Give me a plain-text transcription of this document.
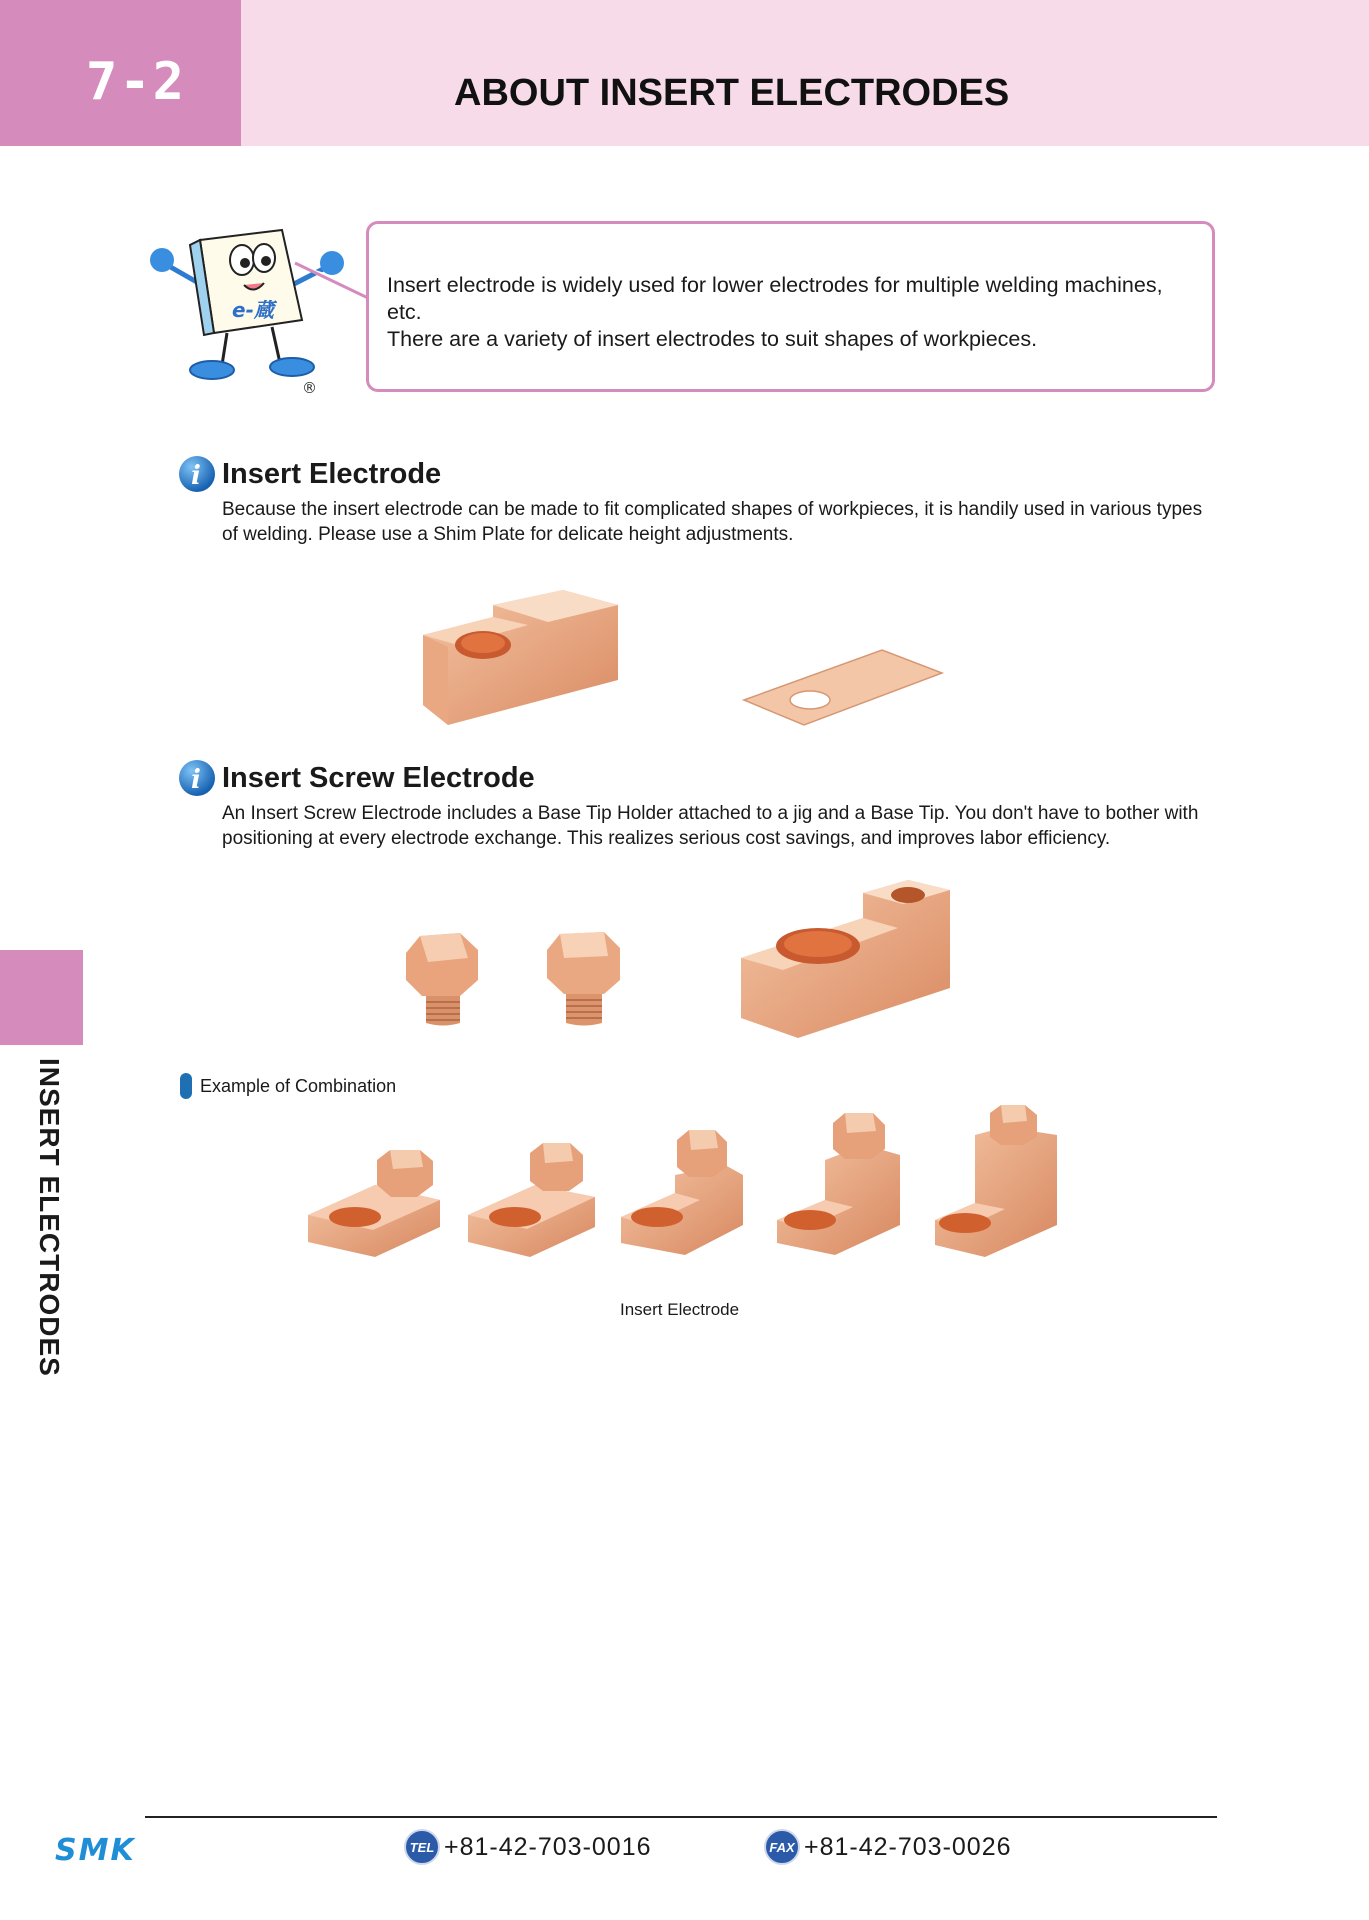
7-2	ABOUT INSERT ELECTRODES
e-蔵
®

Insert electrode is widely used for lower electrodes for multiple welding machines, etc.
There are a variety of insert electrodes to suit shapes of workpieces.

i Insert Electrode

Because the insert electrode can be made to fit complicated shapes of workpieces, it is handily used in various types of welding. Please use a Shim Plate for delicate height adjustments.

i Insert Screw Electrode

An Insert Screw Electrode includes a Base Tip Holder attached to a jig and a Base Tip. You don't have to bother with positioning at every electrode exchange. This realizes serious cost savings, and improves labor efficiency.

Example of Combination
Insert Electrode
INSERT ELECTRODES
SMK	TEL +81-42-703-0016	FAX +81-42-703-0026
